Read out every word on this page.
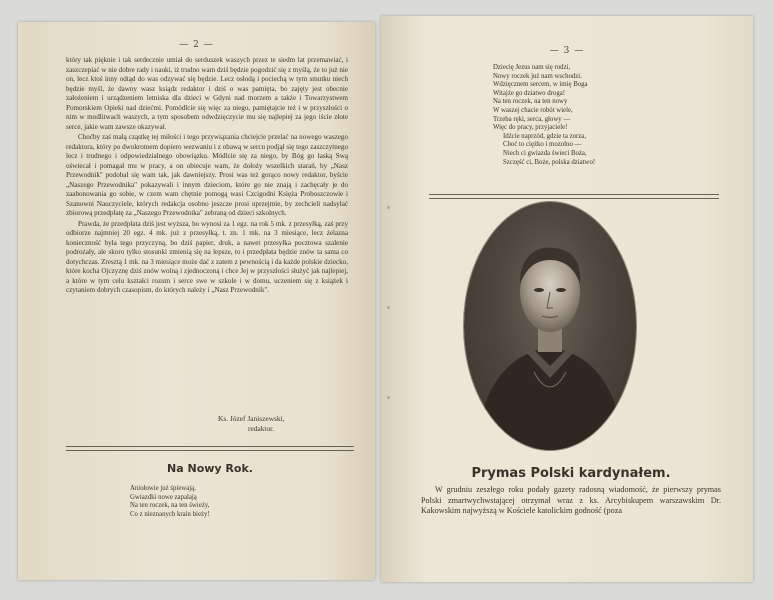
— 2 —

który tak pięknie i tak serdecznie umiał do serduszek waszych przez te siedm lat przemawiać, i zaszczepiać w nie dobre rady i nauki, iż trudno wam dziś będzie pogodzić się z myślą, że to już nie on, lecz ktoś inny odtąd do was odzywać się będzie. Lecz osłodą i pociechą w tym smutku niech będzie myśl, że dawny wasz ksiądz redaktor i dziś o was pamięta, bo zajęty jest obecnie założeniem i urządzeniem letniska dla dzieci w Gdyni nad morzem a także i Towarzystwem Pomorskiem Opieki nad dziećmi. Pomódlcie się więc za niego, pamiętajcie też i w przyszłości o nim w modlitwach waszych, a tym sposobem odwdzięczycie mu się najlepiej za jego iście złote serce, jakie wam zawsze okazywał.

Choćby zaś małą cząstkę tej miłości i tego przywiązania chciejcie przelać na nowego waszego redaktora, który po dwukrotnem dopiero wezwaniu i z obawą w sercu podjął się tego zaszczytnego lecz i trudnego i odpowiedzialnego obowiązku. Módlcie się za niego, by Bóg go łaską Swą oświecał i pomagał mu w pracy, a on obiecuje wam, że dołoży wszelkich starań, by „Nasz Przewodnik" podobał się wam tak, jak dawniejszy. Prosi was też gorąco nowy redaktor, byście „Naszego Przewodnika" pokazywali i innym dzieciom, które go nie znają i zachęcały je do zaabonowania go sobie, w czem wam chętnie pomogą wasi Czcigodni Księża Proboszczowie i Szanowni Nauczyciele, których redakcja osobno jeszcze prosi uprzejmie, by zechcieli nadsyłać zbiorową przedpłatę za „Naszego Przewodnika" zebraną od dzieci szkolnych.

Prawda, że przedpłata dziś jest wyższa, bo wynosi za 1 egz. na rok 5 mk. z przesyłką, zaś przy odbiorze najmniej 20 egz. 4 mk. już z przesyłką, t. zn. 1 mk. na 3 miesiące, lecz żelazna konieczność była tego przyczyną, bo dziś papier, druk, a nawet przesyłka pocztowa szalenie podrożały, ale skoro tylko stosunki zmienią się na lepsze, to i przedpłata będzie znów ta sama co dotychczas. Zresztą 1 mk. na 3 miesiące może dać z zatem z pewnością i da każde polskie dziecko, które kocha Ojczyznę dziś znów wolną i zjednoczoną i chce Jej w przyszłości służyć jak najlepiej, a które w tym celu kształci rozum i serce swe w szkole i w domu, uczeniem się z książek i czytaniem dobrych czasopism, do których należy i „Nasz Przewodnik".

Ks. Józef Janiszewski,
redaktor.
Na Nowy Rok.
Aniołowie już śpiewają,
Gwiazdki nowe zapalają
Na ten roczek, na ten świeży,
Co z nieznanych krain bieży!
— 3 —
Dziecię Jezus nam się rodzi,
Nowy roczek już nam wschodzi.
Wdzięcznem sercem, w imię Boga
Witajże go dziatwo droga!
Na ten roczek, na ten nowy
W waszej chacie robót wiele,
Trzeba ręki, serca, głowy —
Więc do pracy, przyjaciele!
Idźcie naprzód, gdzie ta zorza,
Choć to ciężko i mozolno —
Niech ci gwiazda świeci Boża,
Szczęść ci, Boże, polska dziatwo!
Prymas Polski kardynałem.

W grudniu zeszłego roku podały gazety radosną wiadomość, że pierwszy prymas Polski zmartwychwstającej otrzymał wraz z ks. Arcybiskupem warszawskim Dr. Kakowskim najwyższą w Kościele katolickim godność (poza
